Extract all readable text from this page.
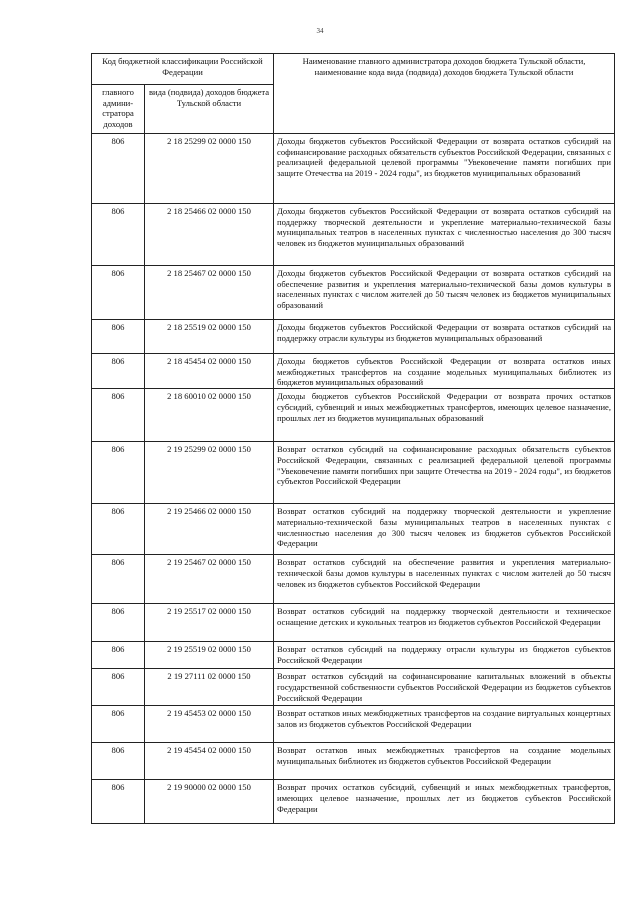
34
Код бюджетной классификации Российской Федерации		Наименование главного администратора доходов бюджета Тульской области, наименование кода вида (подвида) доходов бюджета Тульской области
главного админи-стратора доходов	вида (подвида) доходов бюджета Тульской области	
806	2 18 25299 02 0000 150	Доходы бюджетов субъектов Российской Федерации от возврата остатков субсидий на софинансирование расходных обязательств субъектов Российской Федерации, связанных с реализацией федеральной целевой программы "Увековечение памяти погибших при защите Отечества на 2019 - 2024 годы", из бюджетов муниципальных образований
806	2 18 25466 02 0000 150	Доходы бюджетов субъектов Российской Федерации от возврата остатков субсидий на поддержку творческой деятельности и укрепление материально-технической базы муниципальных театров в населенных пунктах с численностью населения до 300 тысяч человек из бюджетов муниципальных образований
806	2 18 25467 02 0000 150	Доходы бюджетов субъектов Российской Федерации от возврата остатков субсидий на обеспечение развития и укрепления материально-технической базы домов культуры в населенных пунктах с числом жителей до 50 тысяч человек из бюджетов муниципальных образований
806	2 18 25519 02 0000 150	Доходы бюджетов субъектов Российской Федерации от возврата остатков субсидий на поддержку отрасли культуры из бюджетов муниципальных образований
806	2 18 45454 02 0000 150	Доходы бюджетов субъектов Российской Федерации от возврата остатков иных межбюджетных трансфертов на создание модельных муниципальных библиотек из бюджетов муниципальных образований
806	2 18 60010 02 0000 150	Доходы бюджетов субъектов Российской Федерации от возврата прочих остатков субсидий, субвенций и иных межбюджетных трансфертов, имеющих целевое назначение, прошлых лет из бюджетов муниципальных образований
806	2 19 25299 02 0000 150	Возврат остатков субсидий на софинансирование расходных обязательств субъектов Российской Федерации, связанных с реализацией федеральной целевой программы "Увековечение памяти погибших при защите Отечества на 2019 - 2024 годы", из бюджетов субъектов Российской Федерации
806	2 19 25466 02 0000 150	Возврат остатков субсидий на поддержку творческой деятельности и укрепление материально-технической базы муниципальных театров в населенных пунктах с численностью населения до 300 тысяч человек из бюджетов субъектов Российской Федерации
806	2 19 25467 02 0000 150	Возврат остатков субсидий на обеспечение развития и укрепления материально-технической базы домов культуры в населенных пунктах с числом жителей до 50 тысяч человек из бюджетов субъектов Российской Федерации
806	2 19 25517 02 0000 150	Возврат остатков субсидий на поддержку творческой деятельности и техническое оснащение детских и кукольных театров из бюджетов субъектов Российской Федерации
806	2 19 25519 02 0000 150	Возврат остатков субсидий на поддержку отрасли культуры из бюджетов субъектов Российской Федерации
806	2 19 27111 02 0000 150	Возврат остатков субсидий на софинансирование капитальных вложений в объекты государственной собственности субъектов Российской Федерации из бюджетов субъектов Российской Федерации
806	2 19 45453 02 0000 150	Возврат остатков иных межбюджетных трансфертов на создание виртуальных концертных залов из бюджетов субъектов Российской Федерации
806	2 19 45454 02 0000 150	Возврат остатков иных межбюджетных трансфертов на создание модельных муниципальных библиотек из бюджетов субъектов Российской Федерации
806	2 19 90000 02 0000 150	Возврат прочих остатков субсидий, субвенций и иных межбюджетных трансфертов, имеющих целевое назначение, прошлых лет из бюджетов субъектов Российской Федерации
